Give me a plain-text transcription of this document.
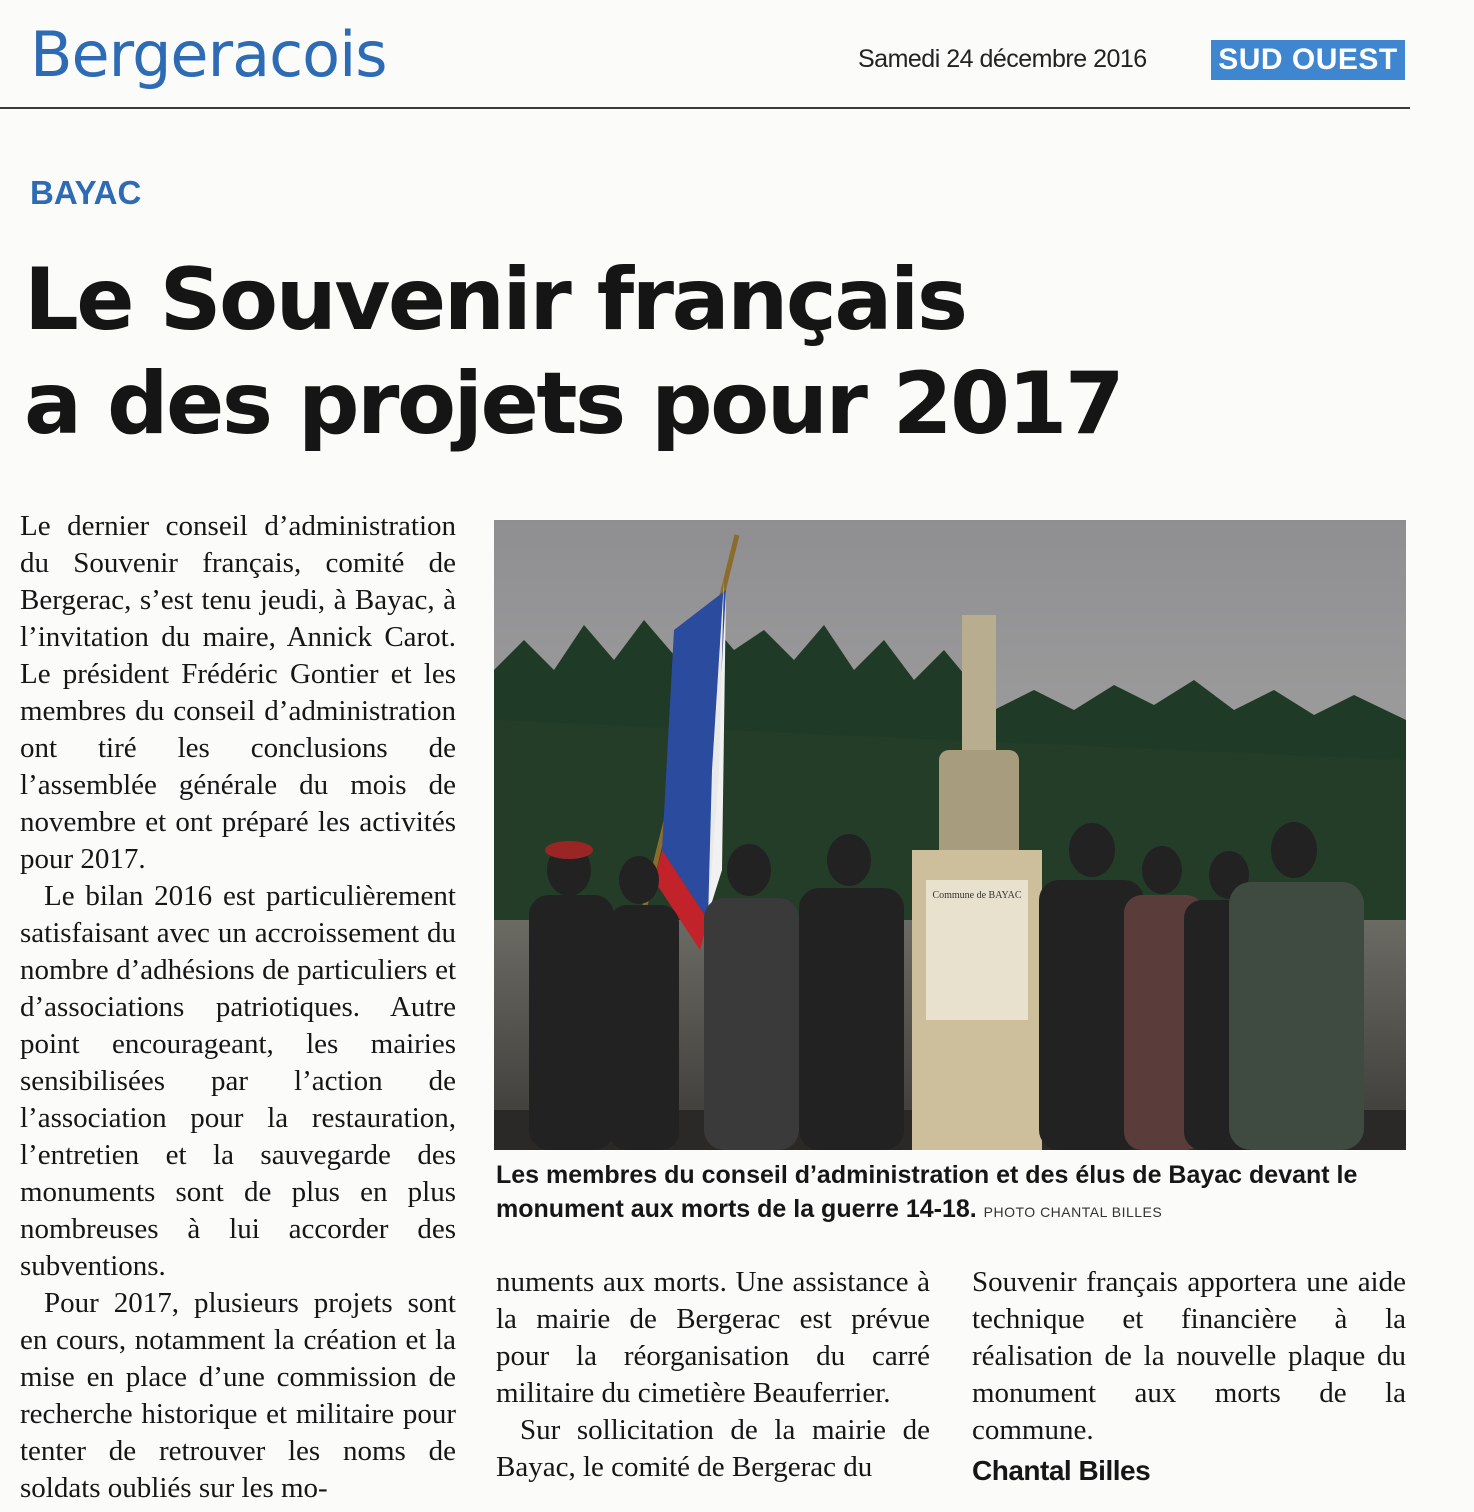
Bergeracois	Samedi 24 décembre 2016 SUD OUEST
BAYAC
Le Souvenir français
a des projets pour 2017

Le dernier conseil d’administration du Souvenir français, comité de Bergerac, s’est tenu jeudi, à Bayac, à l’invitation du maire, Annick Carot. Le président Frédéric Gontier et les membres du conseil d’administration ont tiré les conclusions de l’assemblée générale du mois de novembre et ont préparé les activités pour 2017.

Le bilan 2016 est particulièrement satisfaisant avec un accroissement du nombre d’adhésions de particuliers et d’associations patriotiques. Autre point encourageant, les mairies sensibilisées par l’action de l’association pour la restauration, l’entretien et la sauvegarde des monuments sont de plus en plus nombreuses à lui accorder des subventions.

Pour 2017, plusieurs projets sont en cours, notamment la création et la mise en place d’une commission de recherche historique et militaire pour tenter de retrouver les noms de soldats oubliés sur les mo-

Commune de BAYAC
Les membres du conseil d’administration et des élus de Bayac devant le monument aux morts de la guerre 14-18. PHOTO CHANTAL BILLES

numents aux morts. Une assistance à la mairie de Bergerac est prévue pour la réorganisation du carré militaire du cimetière Beauferrier.

Sur sollicitation de la mairie de Bayac, le comité de Bergerac du

Souvenir français apportera une aide technique et financière à la réalisation de la nouvelle plaque du monument aux morts de la commune.

Chantal Billes
